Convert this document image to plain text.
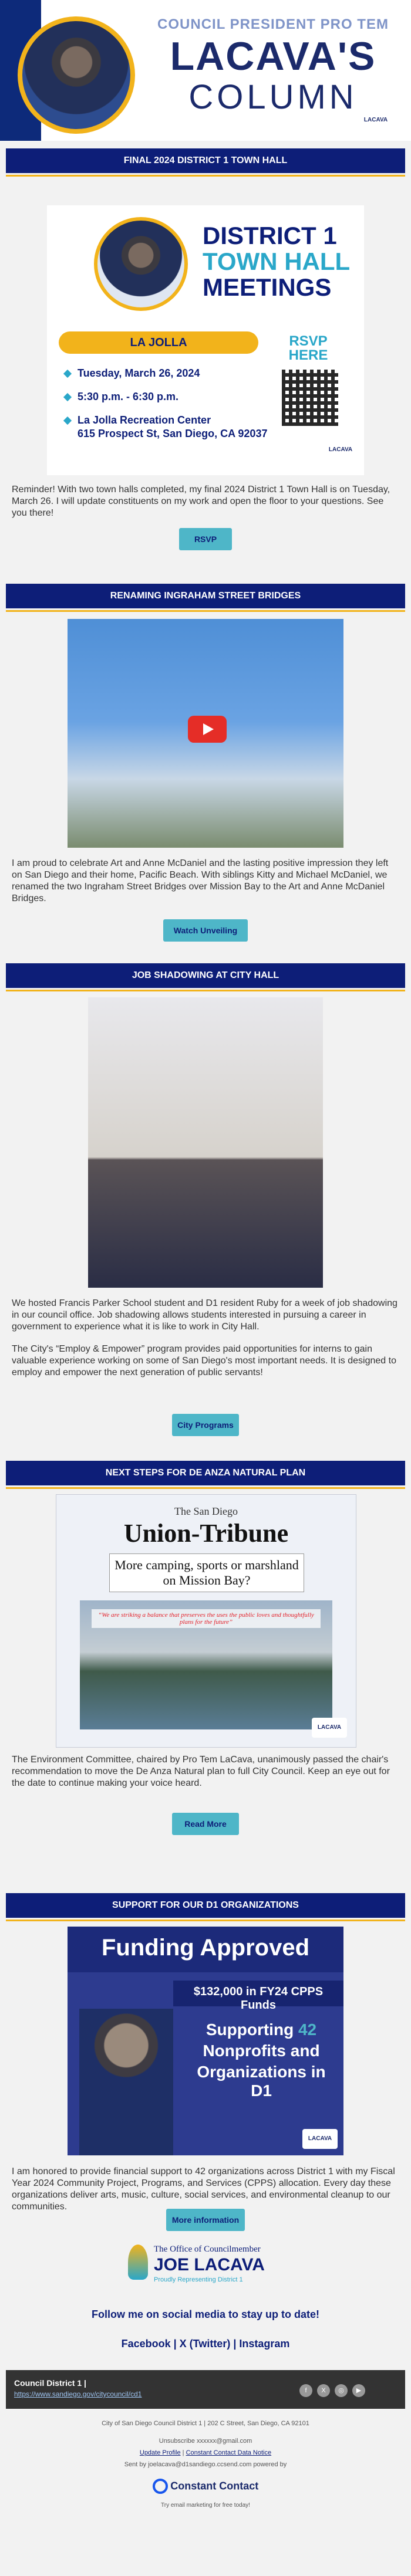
COUNCIL PRESIDENT PRO TEM
LACAVA'S
COLUMN
LACAVA
FINAL 2024 DISTRICT 1 TOWN HALL
DISTRICT 1
TOWN HALL
MEETINGS
LA JOLLA
Tuesday, March 26, 2024
5:30 p.m. - 6:30 p.m.
La Jolla Recreation Center
615 Prospect St, San Diego, CA 92037
RSVP HERE
LACAVA
Reminder! With two town halls completed, my final 2024 District 1 Town Hall is on Tuesday, March 26. I will update constituents on my work and open the floor to your questions. See you there!
RSVP
RENAMING INGRAHAM STREET BRIDGES
I am proud to celebrate Art and Anne McDaniel and the lasting positive impression they left on San Diego and their home, Pacific Beach. With siblings Kitty and Michael McDaniel, we renamed the two Ingraham Street Bridges over Mission Bay to the Art and Anne McDaniel Bridges.
Watch Unveiling
JOB SHADOWING AT CITY HALL
We hosted Francis Parker School student and D1 resident Ruby for a week of job shadowing in our council office. Job shadowing allows students interested in pursuing a career in government to experience what it is like to work in City Hall.
The City's “Employ & Empower” program provides paid opportunities for interns to gain valuable experience working on some of San Diego's most important needs. It is designed to employ and empower the next generation of public servants!
City Programs
NEXT STEPS FOR DE ANZA NATURAL PLAN
The San Diego
Union-Tribune
More camping, sports or marshland on Mission Bay?
“We are striking a balance that preserves the uses the public loves and thoughtfully plans for the future”
LACAVA
The Environment Committee, chaired by Pro Tem LaCava, unanimously passed the chair's recommendation to move the De Anza Natural plan to full City Council. Keep an eye out for the date to continue making your voice heard.
Read More
SUPPORT FOR OUR D1 ORGANIZATIONS
Funding Approved
$132,000 in FY24 CPPS Funds
Supporting 42
Nonprofits and
Organizations in D1
LACAVA
I am honored to provide financial support to 42 organizations across District 1 with my Fiscal Year 2024 Community Project, Programs, and Services (CPPS) allocation. Every day these organizations deliver arts, music, culture, social services, and environmental cleanup to our communities.
More information
The Office of Councilmember
JOE LACAVA
Proudly Representing District 1
Follow me on social media to stay up to date!
Facebook | X (Twitter) | Instagram
Council District 1 |
https://www.sandiego.gov/citycouncil/cd1	f	X	◎	▶
City of San Diego Council District 1 | 202 C Street, San Diego, CA 92101
Unsubscribe xxxxxx@gmail.com
Update Profile | Constant Contact Data Notice
Sent by joelacava@d1sandiego.ccsend.com powered by
Constant Contact
Try email marketing for free today!
